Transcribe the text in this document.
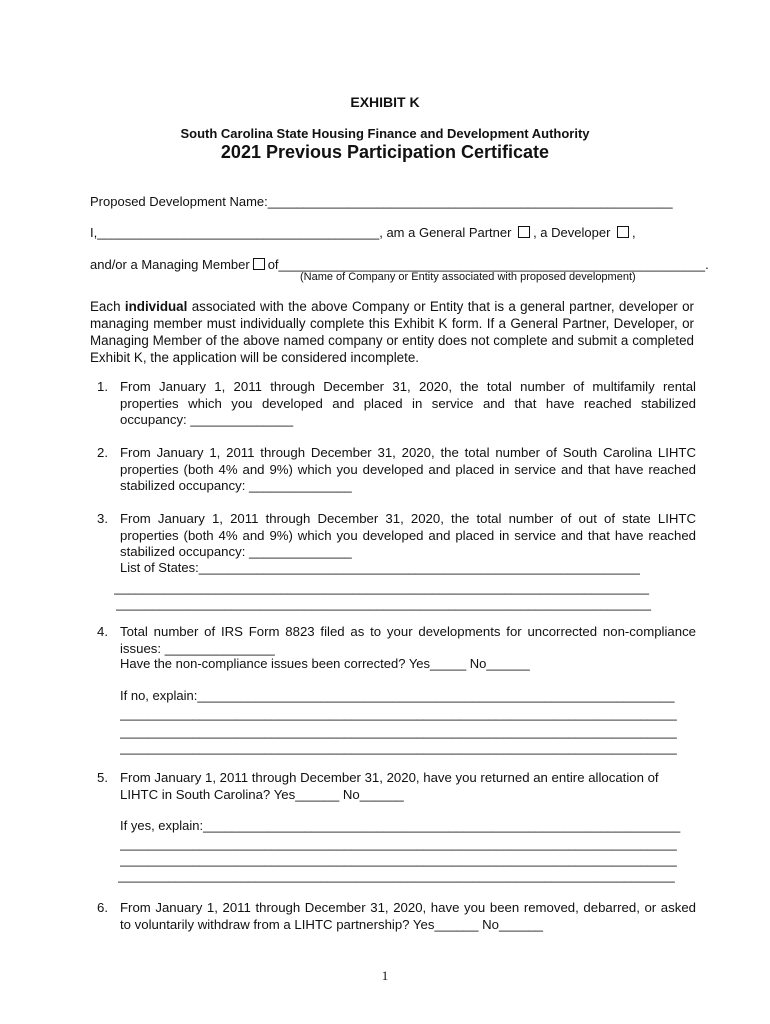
EXHIBIT K
South Carolina State Housing Finance and Development Authority
2021 Previous Participation Certificate
Proposed Development Name:________________________________________________________
I,_______________________________________, am a General Partner , a Developer ,
and/or a Managing Member of___________________________________________________________.
(Name of Company or Entity associated with proposed development)
Each individual associated with the above Company or Entity that is a general partner, developer or managing member must individually complete this Exhibit K form. If a General Partner, Developer, or Managing Member of the above named company or entity does not complete and submit a completed Exhibit K, the application will be considered incomplete.
1. From January 1, 2011 through December 31, 2020, the total number of multifamily rental properties which you developed and placed in service and that have reached stabilized occupancy: ______________
2. From January 1, 2011 through December 31, 2020, the total number of South Carolina LIHTC properties (both 4% and 9%) which you developed and placed in service and that have reached stabilized occupancy: ______________
3. From January 1, 2011 through December 31, 2020, the total number of out of state LIHTC properties (both 4% and 9%) which you developed and placed in service and that have reached stabilized occupancy: ______________
List of States:_____________________________________________________________
__________________________________________________________________________
__________________________________________________________________________
4. Total number of IRS Form 8823 filed as to your developments for uncorrected non-compliance issues: _______________
Have the non-compliance issues been corrected? Yes_____ No______
If no, explain:__________________________________________________________________
_____________________________________________________________________________
_____________________________________________________________________________
_____________________________________________________________________________
5. From January 1, 2011 through December 31, 2020, have you returned an entire allocation of LIHTC in South Carolina? Yes______ No______
If yes, explain:__________________________________________________________________
_____________________________________________________________________________
_____________________________________________________________________________
_____________________________________________________________________________
6. From January 1, 2011 through December 31, 2020, have you been removed, debarred, or asked to voluntarily withdraw from a LIHTC partnership? Yes______ No______
1
